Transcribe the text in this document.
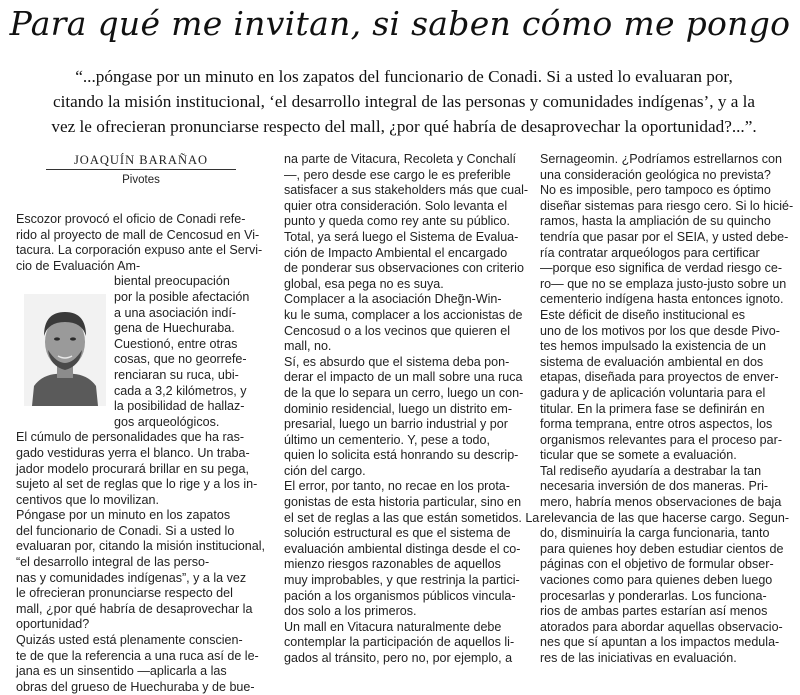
Para qué me invitan, si saben cómo me pongo

“...póngase por un minuto en los zapatos del funcionario de Conadi. Si a usted lo evaluaran por,

citando la misión institucional, ‘el desarrollo integral de las personas y comunidades indígenas’, y a la

vez le ofrecieran pronunciarse respecto del mall, ¿por qué habría de desaprovechar la oportunidad?...”.

JOAQUÍN BARAÑAO
Pivotes

Escozor provocó el oficio de Conadi refe-

rido al proyecto de mall de Cencosud en Vi-

tacura. La corporación expuso ante el Servi-

cio de Evaluación Am-

biental preocupación

por la posible afectación

a una asociación indí-

gena de Huechuraba.

Cuestionó, entre otras

cosas, que no georrefe-

renciaran su ruca, ubi-

cada a 3,2 kilómetros, y

la posibilidad de hallaz-

gos arqueológicos.

El cúmulo de personalidades que ha ras-

gado vestiduras yerra el blanco. Un traba-

jador modelo procurará brillar en su pega,

sujeto al set de reglas que lo rige y a los in-

centivos que lo movilizan.

Póngase por un minuto en los zapatos

del funcionario de Conadi. Si a usted lo

evaluaran por, citando la misión institucional,

“el desarrollo integral de las perso-

nas y comunidades indígenas”, y a la vez

le ofrecieran pronunciarse respecto del

mall, ¿por qué habría de desaprovechar la

oportunidad?

Quizás usted está plenamente conscien-

te de que la referencia a una ruca así de le-

jana es un sinsentido —aplicarla a las

obras del grueso de Huechuraba y de bue-

na parte de Vitacura, Recoleta y Conchalí

—, pero desde ese cargo le es preferible

satisfacer a sus stakeholders más que cual-

quier otra consideración. Solo levanta el

punto y queda como rey ante su público.

Total, ya será luego el Sistema de Evalua-

ción de Impacto Ambiental el encargado

de ponderar sus observaciones con criterio

global, esa pega no es suya.

Complacer a la asociación Dheg̃n-Win-

ku le suma, complacer a los accionistas de

Cencosud o a los vecinos que quieren el

mall, no.

Sí, es absurdo que el sistema deba pon-

derar el impacto de un mall sobre una ruca

de la que lo separa un cerro, luego un con-

dominio residencial, luego un distrito em-

presarial, luego un barrio industrial y por

último un cementerio. Y, pese a todo,

quien lo solicita está honrando su descrip-

ción del cargo.

El error, por tanto, no recae en los prota-

gonistas de esta historia particular, sino en

el set de reglas a las que están sometidos. La

solución estructural es que el sistema de

evaluación ambiental distinga desde el co-

mienzo riesgos razonables de aquellos

muy improbables, y que restrinja la partici-

pación a los organismos públicos vincula-

dos solo a los primeros.

Un mall en Vitacura naturalmente debe

contemplar la participación de aquellos li-

gados al tránsito, pero no, por ejemplo, a

Sernageomin. ¿Podríamos estrellarnos con

una consideración geológica no prevista?

No es imposible, pero tampoco es óptimo

diseñar sistemas para riesgo cero. Si lo hicié-

ramos, hasta la ampliación de su quincho

tendría que pasar por el SEIA, y usted debe-

ría contratar arqueólogos para certificar

—porque eso significa de verdad riesgo ce-

ro— que no se emplaza justo-justo sobre un

cementerio indígena hasta entonces ignoto.

Este déficit de diseño institucional es

uno de los motivos por los que desde Pivo-

tes hemos impulsado la existencia de un

sistema de evaluación ambiental en dos

etapas, diseñada para proyectos de enver-

gadura y de aplicación voluntaria para el

titular. En la primera fase se definirán en

forma temprana, entre otros aspectos, los

organismos relevantes para el proceso par-

ticular que se somete a evaluación.

Tal rediseño ayudaría a destrabar la tan

necesaria inversión de dos maneras. Pri-

mero, habría menos observaciones de baja

relevancia de las que hacerse cargo. Segun-

do, disminuiría la carga funcionaria, tanto

para quienes hoy deben estudiar cientos de

páginas con el objetivo de formular obser-

vaciones como para quienes deben luego

procesarlas y ponderarlas. Los funciona-

rios de ambas partes estarían así menos

atorados para abordar aquellas observacio-

nes que sí apuntan a los impactos medula-

res de las iniciativas en evaluación.
